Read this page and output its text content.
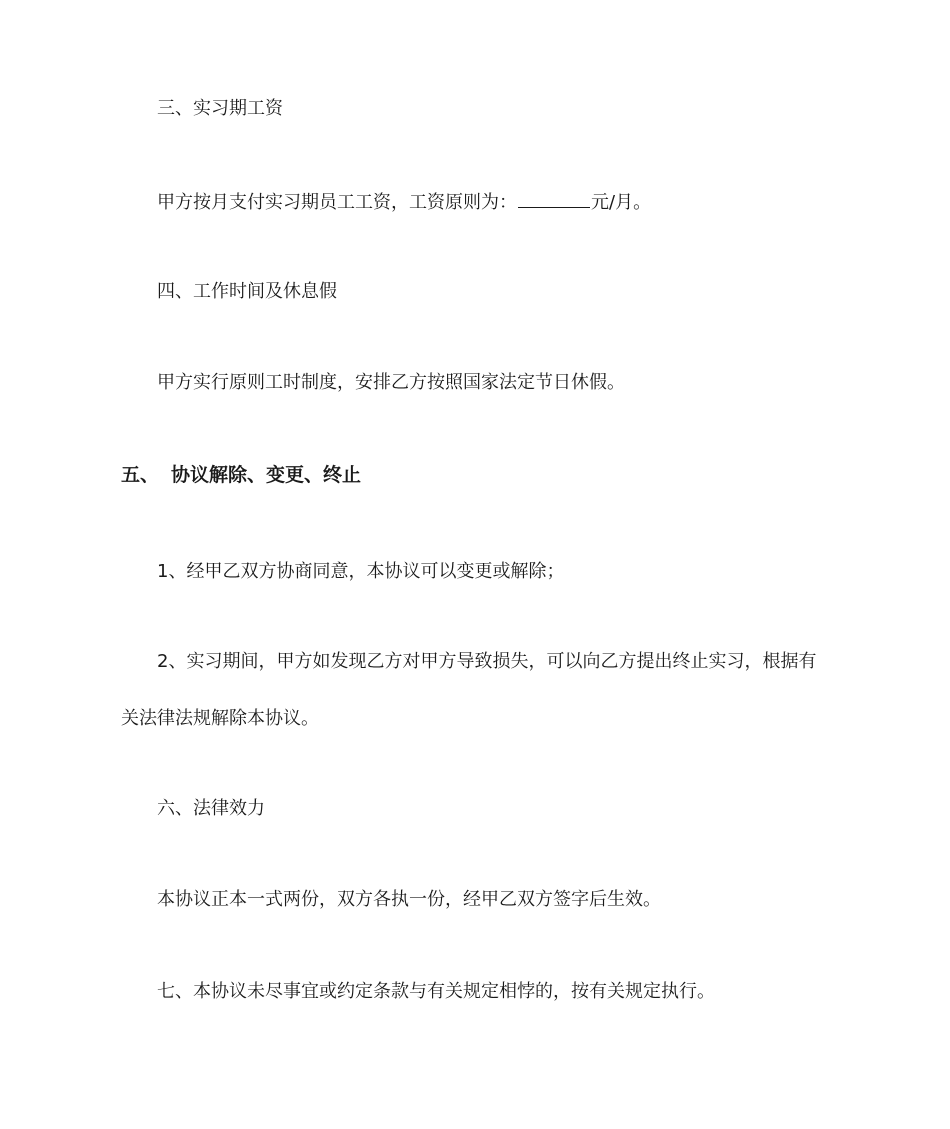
三、实习期工资

甲方按月支付实习期员工工资，工资原则为：	元/月。

四、工作时间及休息假

甲方实行原则工时制度，安排乙方按照国家法定节日休假。

五、 协议解除、变更、终止

1、经甲乙双方协商同意，本协议可以变更或解除；

2、实习期间，甲方如发现乙方对甲方导致损失，可以向乙方提出终止实习，根据有

关法律法规解除本协议。

六、法律效力

本协议正本一式两份，双方各执一份，经甲乙双方签字后生效。

七、本协议未尽事宜或约定条款与有关规定相悖的，按有关规定执行。
